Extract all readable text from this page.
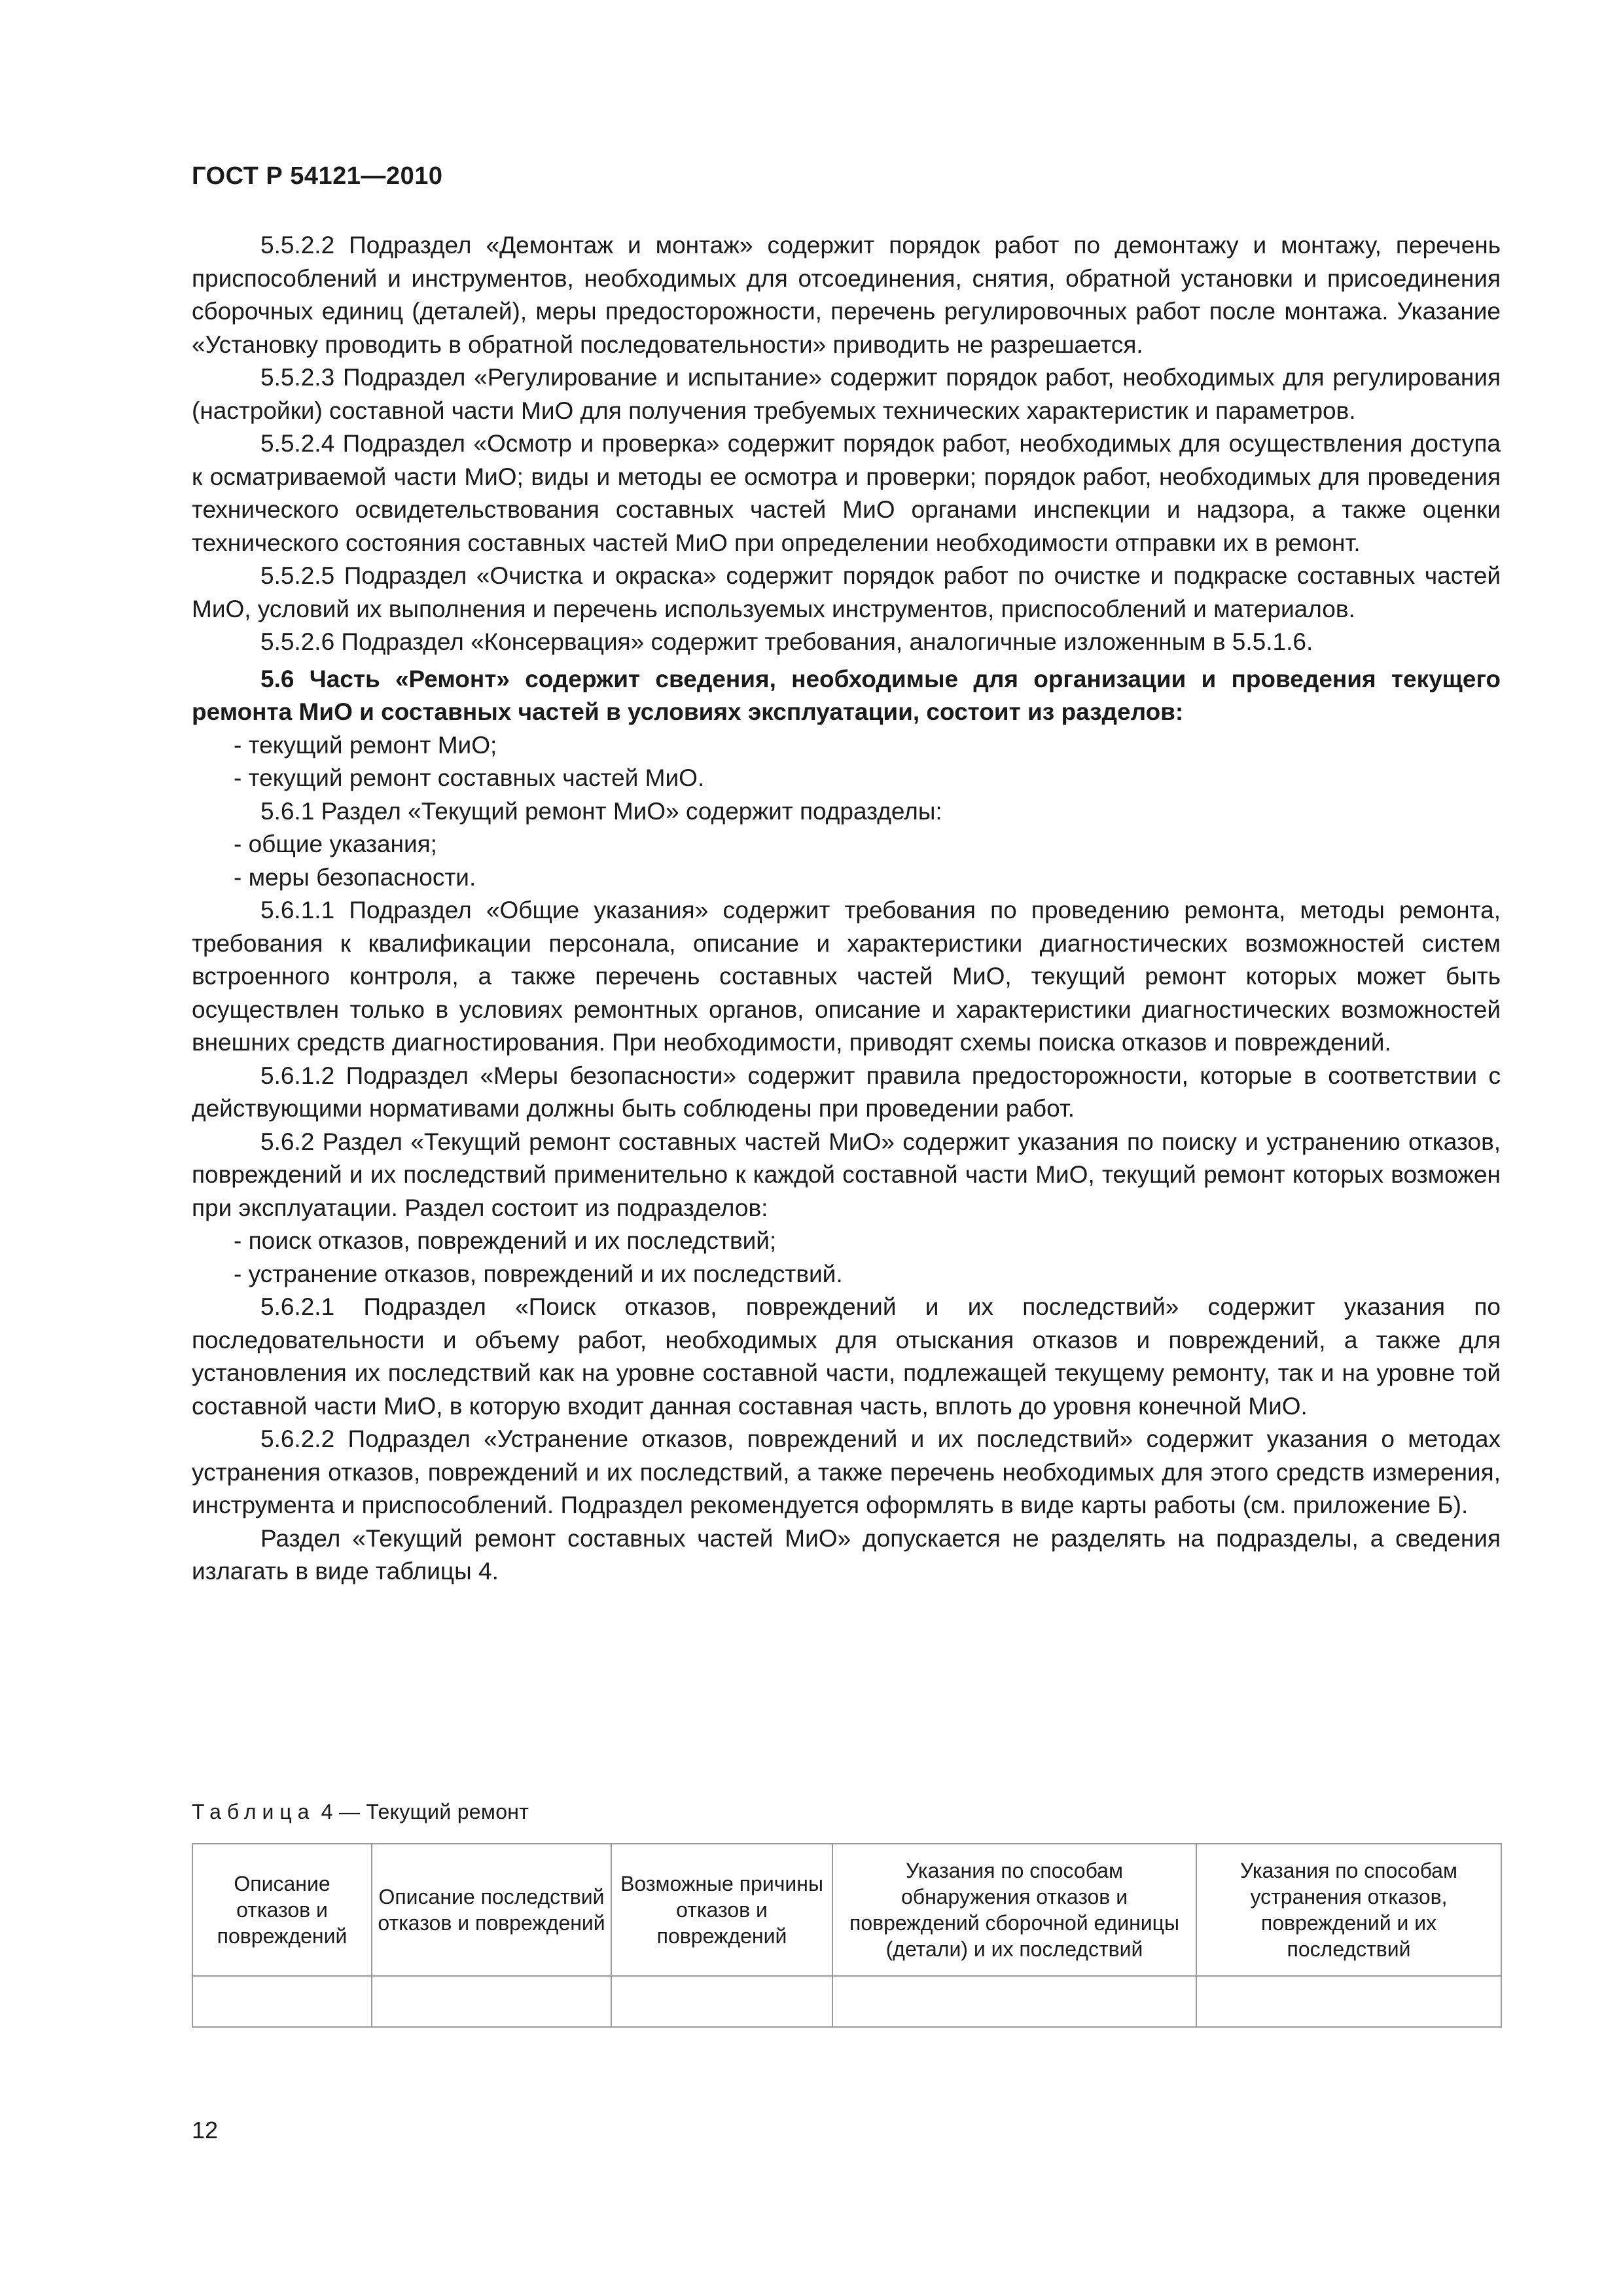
ГОСТ Р 54121—2010

5.5.2.2 Подраздел «Демонтаж и монтаж» содержит порядок работ по демонтажу и монтажу, перечень приспособлений и инструментов, необходимых для отсоединения, снятия, обратной установки и присоединения сборочных единиц (деталей), меры предосторожности, перечень регулировочных работ после монтажа. Указание «Установку проводить в обратной последовательности» приводить не разрешается.

5.5.2.3 Подраздел «Регулирование и испытание» содержит порядок работ, необходимых для регулирования (настройки) составной части МиО для получения требуемых технических характеристик и параметров.

5.5.2.4 Подраздел «Осмотр и проверка» содержит порядок работ, необходимых для осуществления доступа к осматриваемой части МиО; виды и методы ее осмотра и проверки; порядок работ, необходимых для проведения технического освидетельствования составных частей МиО органами инспекции и надзора, а также оценки технического состояния составных частей МиО при определении необходимости отправки их в ремонт.

5.5.2.5 Подраздел «Очистка и окраска» содержит порядок работ по очистке и подкраске составных частей МиО, условий их выполнения и перечень используемых инструментов, приспособлений и материалов.

5.5.2.6 Подраздел «Консервация» содержит требования, аналогичные изложенным в 5.5.1.6.

5.6 Часть «Ремонт» содержит сведения, необходимые для организации и проведения текущего ремонта МиО и составных частей в условиях эксплуатации, состоит из разделов:

- текущий ремонт МиО;

- текущий ремонт составных частей МиО.

5.6.1 Раздел «Текущий ремонт МиО» содержит подразделы:

- общие указания;

- меры безопасности.

5.6.1.1 Подраздел «Общие указания» содержит требования по проведению ремонта, методы ремонта, требования к квалификации персонала, описание и характеристики диагностических возможностей систем встроенного контроля, а также перечень составных частей МиО, текущий ремонт которых может быть осуществлен только в условиях ремонтных органов, описание и характеристики диагностических возможностей внешних средств диагностирования. При необходимости, приводят схемы поиска отказов и повреждений.

5.6.1.2 Подраздел «Меры безопасности» содержит правила предосторожности, которые в соответствии с действующими нормативами должны быть соблюдены при проведении работ.

5.6.2 Раздел «Текущий ремонт составных частей МиО» содержит указания по поиску и устранению отказов, повреждений и их последствий применительно к каждой составной части МиО, текущий ремонт которых возможен при эксплуатации. Раздел состоит из подразделов:

- поиск отказов, повреждений и их последствий;

- устранение отказов, повреждений и их последствий.

5.6.2.1 Подраздел «Поиск отказов, повреждений и их последствий» содержит указания по последовательности и объему работ, необходимых для отыскания отказов и повреждений, а также для установления их последствий как на уровне составной части, подлежащей текущему ремонту, так и на уровне той составной части МиО, в которую входит данная составная часть, вплоть до уровня конечной МиО.

5.6.2.2 Подраздел «Устранение отказов, повреждений и их последствий» содержит указания о методах устранения отказов, повреждений и их последствий, а также перечень необходимых для этого средств измерения, инструмента и приспособлений. Подраздел рекомендуется оформлять в виде карты работы (см. приложение Б).

Раздел «Текущий ремонт составных частей МиО» допускается не разделять на подразделы, а сведения излагать в виде таблицы 4.

Таблица 4 — Текущий ремонт
Описание отказов и повреждений	Описание последствий отказов и повреждений	Возможные причины отказов и повреждений	Указания по способам обнаружения отказов и повреждений сборочной единицы (детали) и их последствий	Указания по способам устранения отказов, повреждений и их последствий

12
